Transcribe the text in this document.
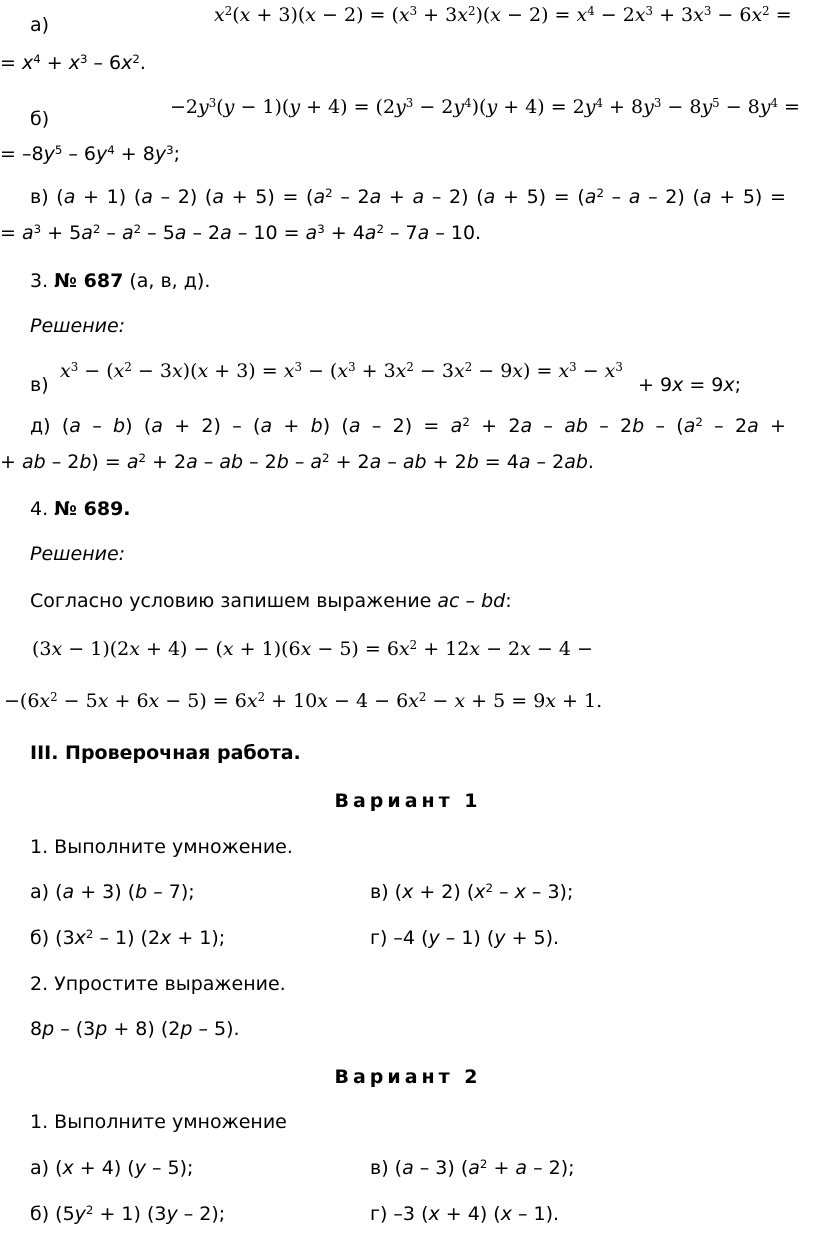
а)	$x^2(x + 3)(x - 2) = (x^3 + 3x^2)(x - 2) = x^4 - 2x^3 + 3x^3 - 6x^2$ =
= $x^4 + x^3 - 6x^2$.
б)
$-2y^3(y - 1)(y + 4) = (2y^3 - 2y^4)(y + 4) = 2y^4 + 8y^3 - 8y^5 - 8y^4$ =
= $-8y^5 - 6y^4 + 8y^3$;
в) (a + 1) (a – 2) $(a + 5) = (a^2 - 2a + a - 2) (a + 5) = (a^2 - a - 2) (a + 5)$ =
= $a^3 + 5a^2 - a^2 - 5a - 2a - 10 = a^3 + 4a^2 - 7a - 10$.
3. № 687 (а, в, д).
Решение:
в)
$x^3 - (x^2 - 3x)(x + 3) = x^3 - (x^3 + 3x^2 - 3x^2 - 9x) = x^3 - x^3$
+ 9x = 9x;
д) (a – b) (a + 2) – (a + b) $(a - 2) = a^2 + 2a$ – ab – $2b - (a^2 - 2a$ +
+ ab – $2b) = a^2 + 2a$ – ab – $2b - a^2 + 2a$ – ab + 2b = 4a – 2ab.
4. № 689.
Решение:
Согласно условию запишем выражение ac – bd:
$(3x - 1)(2x + 4) - (x + 1)(6x - 5) = 6x^2 + 12x - 2x - 4$ −
$-(6x^2 - 5x + 6x - 5) = 6x^2 + 10x - 4 - 6x^2 - x + 5 = 9x + 1$.
III. Проверочная работа.
Вариант 1
1. Выполните умножение.
а) (a + 3) (b – 7);	в) (x + 2) ($x^2$ – x – 3);
б) $(3x^2 - 1) (2x + 1)$;	г) –4 (y – 1) (y + 5).
2. Упростите выражение.
8p – (3p + 8) (2p – 5).
Вариант 2
1. Выполните умножение
а) (x + 4) (y – 5);	в) (a – 3) $(a^2 + a - 2)$;
б) $(5y^2 + 1)$ (3y – 2);	г) –3 (x + 4) (x – 1).
